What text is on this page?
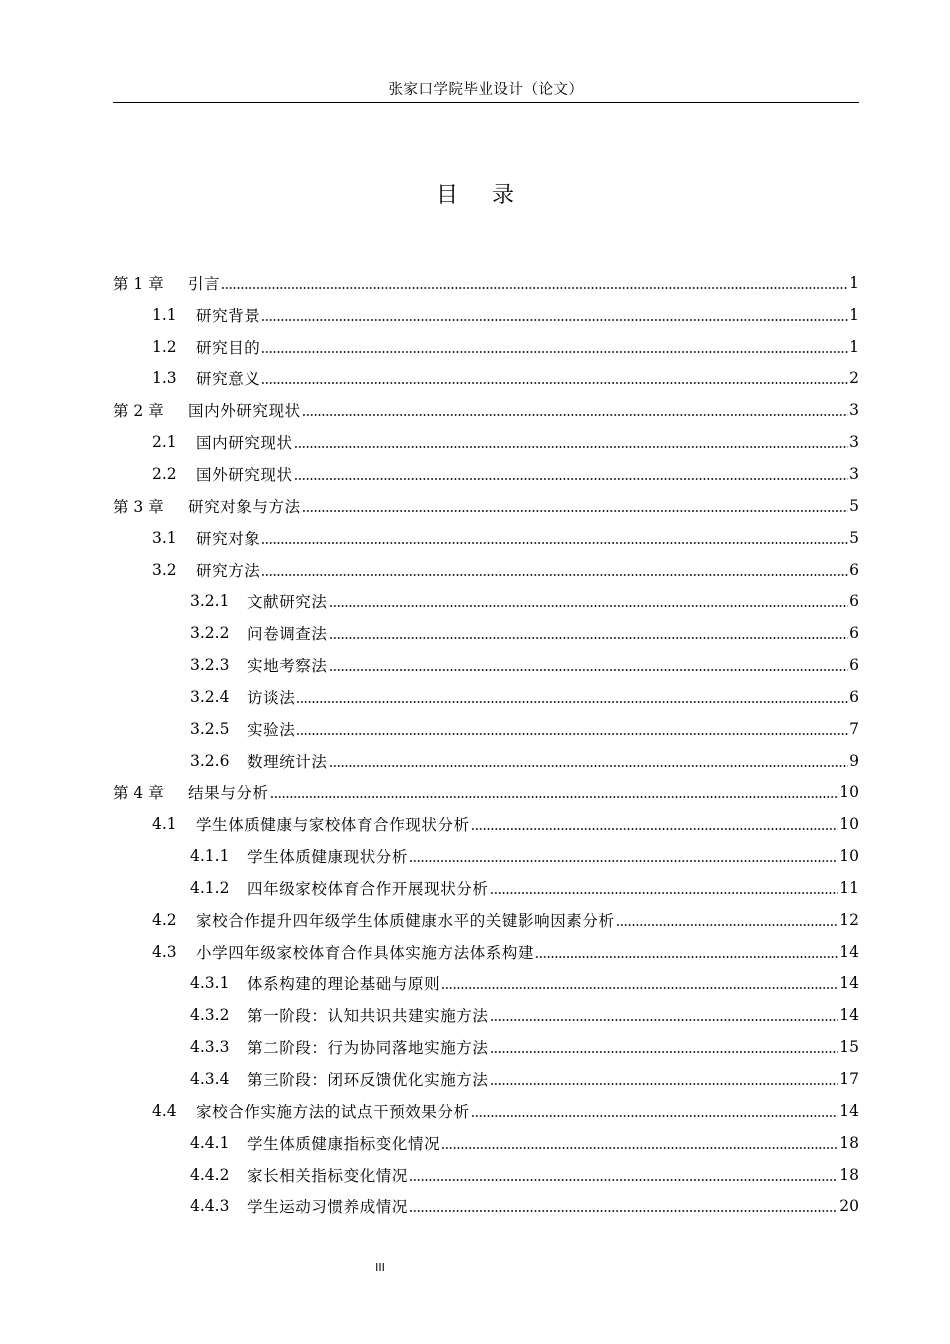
张家口学院毕业设计（论文）
目录
第 1 章	引言	1
1.1	研究背景	1
1.2	研究目的	1
1.3	研究意义	2
第 2 章	国内外研究现状	3
2.1	国内研究现状	3
2.2	国外研究现状	3
第 3 章	研究对象与方法	5
3.1	研究对象	5
3.2	研究方法	6
3.2.1	文献研究法	6
3.2.2	问卷调查法	6
3.2.3	实地考察法	6
3.2.4	访谈法	6
3.2.5	实验法	7
3.2.6	数理统计法	9
第 4 章	结果与分析	10
4.1	学生体质健康与家校体育合作现状分析	10
4.1.1	学生体质健康现状分析	10
4.1.2	四年级家校体育合作开展现状分析	11
4.2	家校合作提升四年级学生体质健康水平的关键影响因素分析	12
4.3	小学四年级家校体育合作具体实施方法体系构建	14
4.3.1	体系构建的理论基础与原则	14
4.3.2	第一阶段：认知共识共建实施方法	14
4.3.3	第二阶段：行为协同落地实施方法	15
4.3.4	第三阶段：闭环反馈优化实施方法	17
4.4	家校合作实施方法的试点干预效果分析	14
4.4.1	学生体质健康指标变化情况	18
4.4.2	家长相关指标变化情况	18
4.4.3	学生运动习惯养成情况	20
III
